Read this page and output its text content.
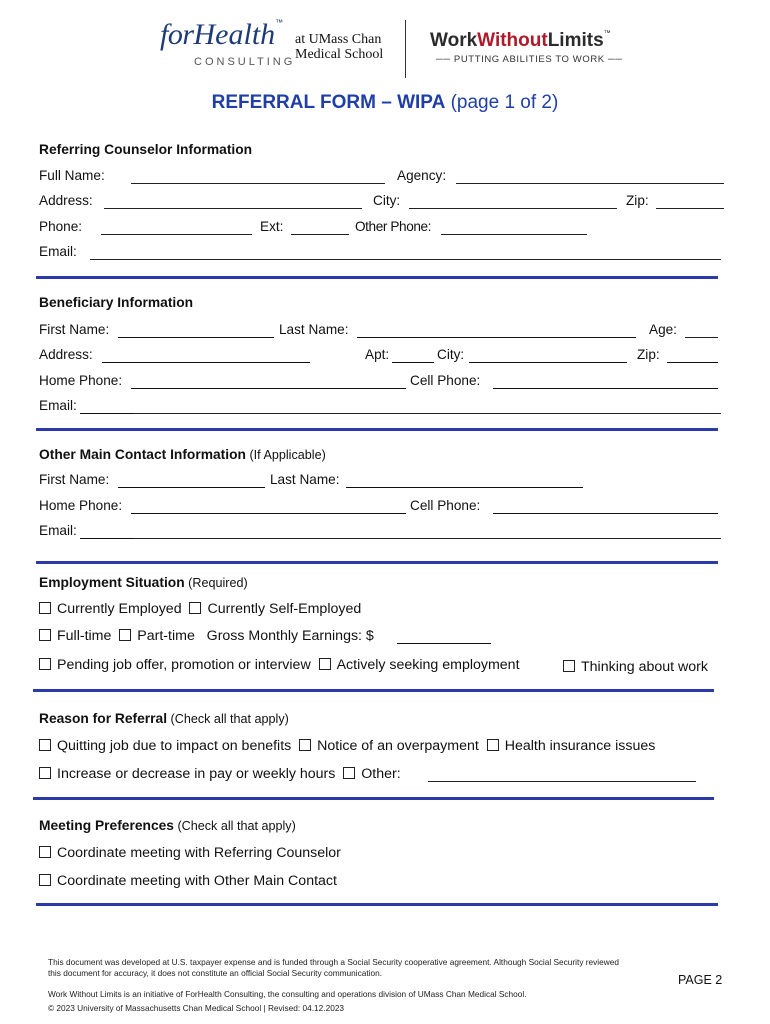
forHealth™
at UMass Chan
Medical School
CONSULTING
WorkWithoutLimits™
── PUTTING ABILITIES TO WORK ──
REFERRAL FORM – WIPA (page 1 of 2)
Referring Counselor Information
Full Name:	Agency:
Address:	City:	Zip:
Phone:	Ext:	Other Phone:
Email:
Beneficiary Information
First Name:	Last Name:	Age:
Address:	Apt:	City:	Zip:
Home Phone:	Cell Phone:
Email:
Other Main Contact Information (If Applicable)
First Name:	Last Name:
Home Phone:	Cell Phone:
Email:
Employment Situation (Required)
Currently Employed Currently Self-Employed
Full-time Part-time Gross Monthly Earnings: $
Pending job offer, promotion or interview Actively seeking employment	Thinking about work
Reason for Referral (Check all that apply)
Quitting job due to impact on benefits Notice of an overpayment Health insurance issues
Increase or decrease in pay or weekly hours Other:
Meeting Preferences (Check all that apply)
Coordinate meeting with Referring Counselor
Coordinate meeting with Other Main Contact
This document was developed at U.S. taxpayer expense and is funded through a Social Security cooperative agreement. Although Social Security reviewed
this document for accuracy, it does not constitute an official Social Security communication.
Work Without Limits is an initiative of ForHealth Consulting, the consulting and operations division of UMass Chan Medical School.
© 2023 University of Massachusetts Chan Medical School | Revised: 04.12.2023
PAGE 2
